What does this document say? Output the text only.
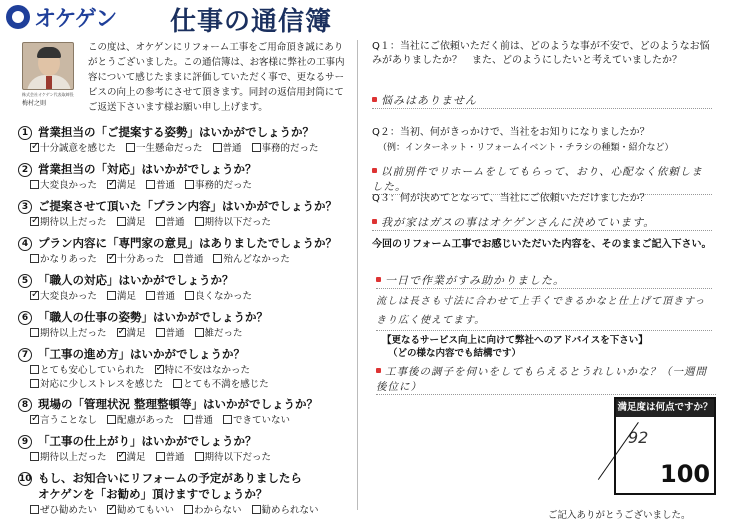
オケゲン 仕事の通信簿
株式会社オケゲン代表取締役
梅村之則
この度は、オケゲンにリフォーム工事をご用命頂き誠にありがとうございました。この通信簿は、お客様に弊社の工事内容について感じたままに評価していただく事で、更なるサービスの向上の参考にさせて頂きます。同封の返信用封筒にてご返送下さいます様お願い申し上げます。
1 営業担当の「ご提案する姿勢」はいかがでしょうか？
✓十分誠意を感じた 一生懸命だった 普通 事務的だった
2 営業担当の「対応」はいかがでしょうか？
大変良かった ✓ 満足 普通 事務的だった
3 ご提案させて頂いた「プラン内容」はいかがでしょうか？
✓期待以上だった 満足 普通 期待以下だった
4 プラン内容に「専門家の意見」はありましたでしょうか？
かなりあった ✓ 十分あった 普通 殆んどなかった
5 「職人の対応」はいかがでしょうか？
✓大変良かった 満足 普通 良くなかった
6 「職人の仕事の姿勢」はいかがでしょうか？
期待以上だった ✓ 満足 普通 雑だった
7 「工事の進め方」はいかがでしょうか？
とても安心していられた ✓ 特に不安はなかった
対応に少しストレスを感じた とても不満を感じた
8 現場の「管理状況 整理整頓等」はいかがでしょうか？
✓言うことなし 配慮があった 普通 できていない
9 「工事の仕上がり」はいかがでしょうか？
期待以上だった ✓ 満足 普通 期待以下だった
10 もし、お知合いにリフォームの予定がありましたら
オケゲンを「お勧め」頂けますでしょうか？
ぜひ勧めたい ✓ 勧めてもいい わからない 勧められない
Q１：当社にご依頼いただく前は、どのような事が不安で、どのようなお悩みがありましたか？　また、どのようにしたいと考えていましたか？
悩みはありません
Q２：当初、何がきっかけで、当社をお知りになりましたか？
（例：インターネット・リフォームイベント・チラシの種類・紹介など）
以前別件でリホームをしてもらって、おり、心配なく依頼しました。
Q３：何が決めてとなって、当社にご依頼いただけましたか？
我が家はガスの事はオケゲンさんに決めています。
今回のリフォーム工事でお感じいただいた内容を、そのままご記入下さい。
一日で作業がすみ助かりました。
流しは長さも寸法に合わせて上手くできるかなと仕上げて頂きすっきり広く使えてます。
【更なるサービス向上に向けて弊社へのアドバイスを下さい】
（どの様な内容でも結構です）
工事後の調子を伺いをしてもらえるとうれしいかな？（一週間後位に）
満足度は何点ですか？
92
100
ご記入ありがとうございました。
